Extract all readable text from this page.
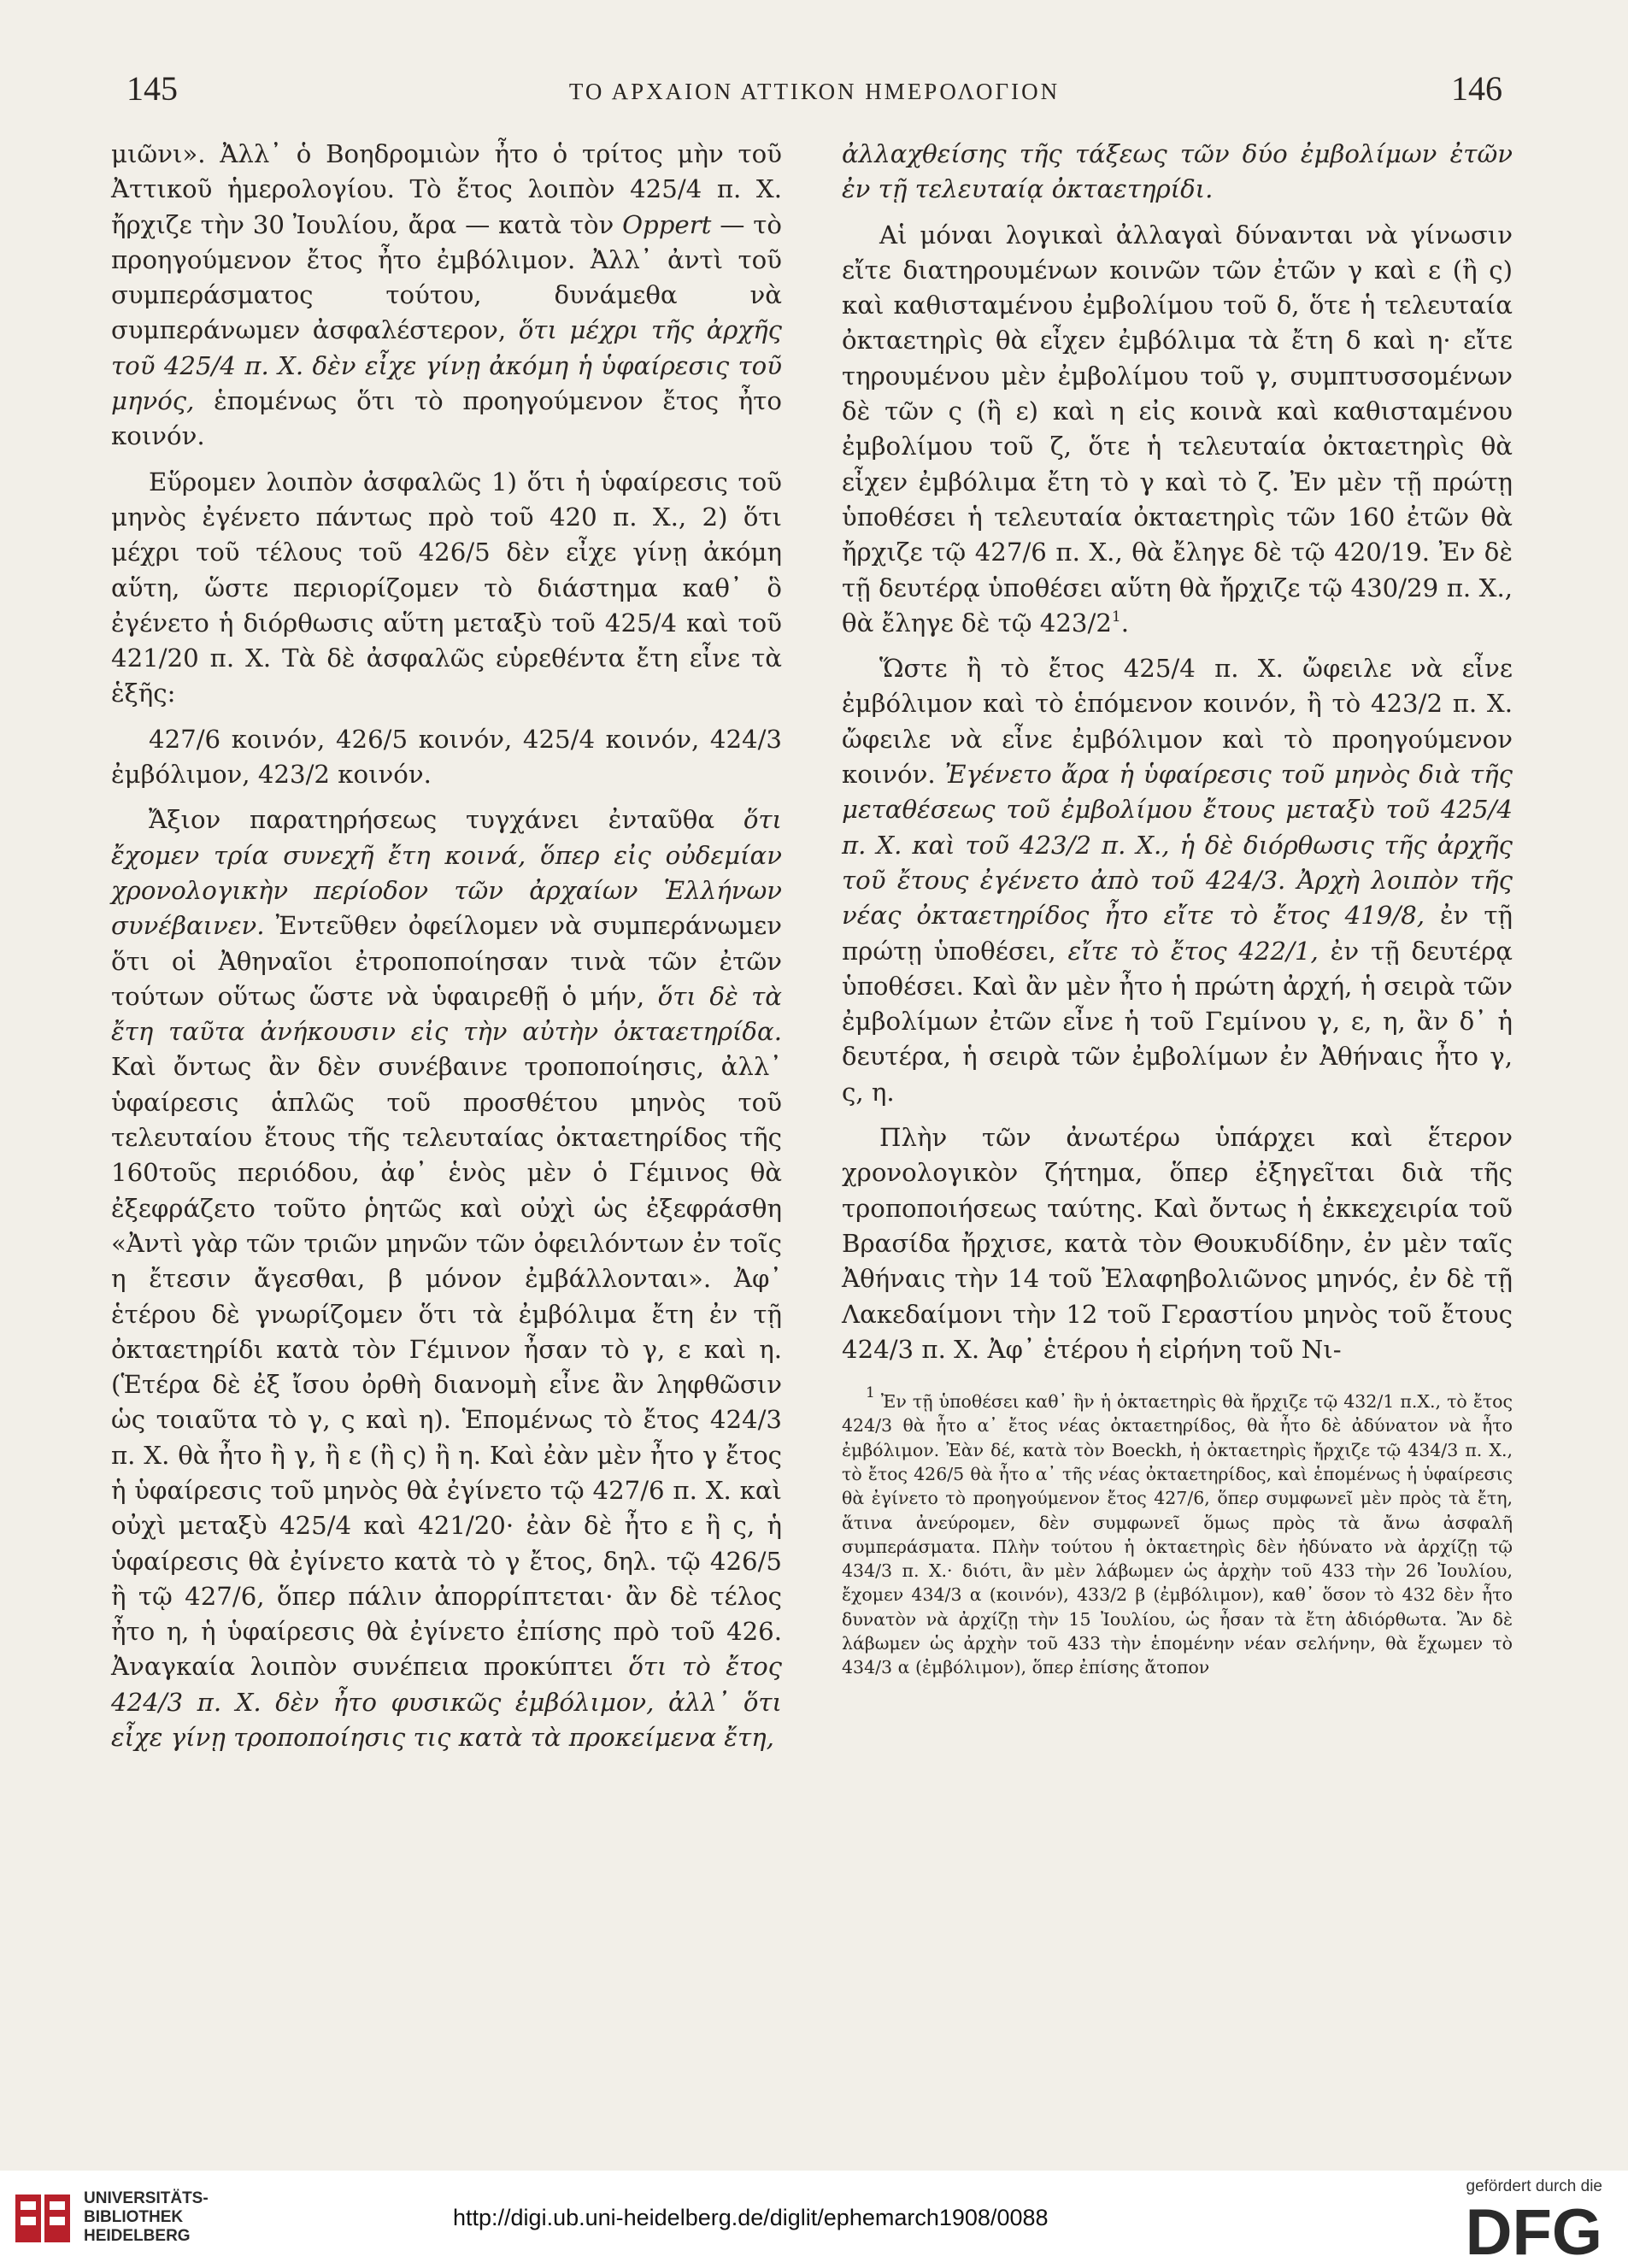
145	ΤΟ ΑΡΧΑΙΟΝ ΑΤΤΙΚΟΝ ΗΜΕΡΟΛΟΓΙΟΝ	146

μιῶνι». Ἀλλ᾽ ὁ Βοηδρομιὼν ἦτο ὁ τρίτος μὴν τοῦ Ἀττικοῦ ἡμερολογίου. Τὸ ἔτος λοιπὸν 425/4 π. Χ. ἤρχιζε τὴν 30 Ἰουλίου, ἄρα — κατὰ τὸν Oppert — τὸ προηγούμενον ἔτος ἦτο ἐμβόλιμον. Ἀλλ᾽ ἀντὶ τοῦ συμπεράσματος τούτου, δυνάμεθα νὰ συμπεράνωμεν ἀσφαλέστερον, ὅτι μέχρι τῆς ἀρχῆς τοῦ 425/4 π. Χ. δὲν εἶχε γίνῃ ἀκόμη ἡ ὑφαίρεσις τοῦ μηνός, ἑπομένως ὅτι τὸ προηγούμενον ἔτος ἦτο κοινόν.

Εὕρομεν λοιπὸν ἀσφαλῶς 1) ὅτι ἡ ὑφαίρεσις τοῦ μηνὸς ἐγένετο πάντως πρὸ τοῦ 420 π. Χ., 2) ὅτι μέχρι τοῦ τέλους τοῦ 426/5 δὲν εἶχε γίνῃ ἀκόμη αὕτη, ὥστε περιορίζομεν τὸ διάστημα καθ᾽ ὃ ἐγένετο ἡ διόρθωσις αὕτη μεταξὺ τοῦ 425/4 καὶ τοῦ 421/20 π. Χ. Τὰ δὲ ἀσφαλῶς εὑρεθέντα ἔτη εἶνε τὰ ἑξῆς:

427/6 κοινόν, 426/5 κοινόν, 425/4 κοινόν, 424/3 ἐμβόλιμον, 423/2 κοινόν.

Ἄξιον παρατηρήσεως τυγχάνει ἐνταῦθα ὅτι ἔχομεν τρία συνεχῆ ἔτη κοινά, ὅπερ εἰς οὐδεμίαν χρονολογικὴν περίοδον τῶν ἀρχαίων Ἑλλήνων συνέβαινεν. Ἐντεῦθεν ὀφείλομεν νὰ συμπεράνωμεν ὅτι οἱ Ἀθηναῖοι ἐτροποποίησαν τινὰ τῶν ἐτῶν τούτων οὕτως ὥστε νὰ ὑφαιρεθῇ ὁ μήν, ὅτι δὲ τὰ ἔτη ταῦτα ἀνήκουσιν εἰς τὴν αὐτὴν ὀκταετηρίδα. Καὶ ὄντως ἂν δὲν συνέβαινε τροποποίησις, ἀλλ᾽ ὑφαίρεσις ἁπλῶς τοῦ προσθέτου μηνὸς τοῦ τελευταίου ἔτους τῆς τελευταίας ὀκταετηρίδος τῆς 160τοῦς περιόδου, ἀφ᾽ ἑνὸς μὲν ὁ Γέμινος θὰ ἐξεφράζετο τοῦτο ῥητῶς καὶ οὐχὶ ὡς ἐξεφράσθη «Ἀντὶ γὰρ τῶν τριῶν μηνῶν τῶν ὀφειλόντων ἐν τοῖς η ἔτεσιν ἄγεσθαι, β μόνον ἐμβάλλονται». Ἀφ᾽ ἑτέρου δὲ γνωρίζομεν ὅτι τὰ ἐμβόλιμα ἔτη ἐν τῇ ὀκταετηρίδι κατὰ τὸν Γέμινον ἦσαν τὸ γ, ε καὶ η. (Ἑτέρα δὲ ἐξ ἴσου ὀρθὴ διανομὴ εἶνε ἂν ληφθῶσιν ὡς τοιαῦτα τὸ γ, ς καὶ η). Ἑπομένως τὸ ἔτος 424/3 π. Χ. θὰ ἦτο ἢ γ, ἢ ε (ἢ ς) ἢ η. Καὶ ἐὰν μὲν ἦτο γ ἔτος ἡ ὑφαίρεσις τοῦ μηνὸς θὰ ἐγίνετο τῷ 427/6 π. Χ. καὶ οὐχὶ μεταξὺ 425/4 καὶ 421/20· ἐὰν δὲ ἦτο ε ἢ ς, ἡ ὑφαίρεσις θὰ ἐγίνετο κατὰ τὸ γ ἔτος, δηλ. τῷ 426/5 ἢ τῷ 427/6, ὅπερ πάλιν ἀπορρίπτεται· ἂν δὲ τέλος ἦτο η, ἡ ὑφαίρεσις θὰ ἐγίνετο ἐπίσης πρὸ τοῦ 426. Ἀναγκαία λοιπὸν συνέπεια προκύπτει ὅτι τὸ ἔτος 424/3 π. Χ. δὲν ἦτο φυσικῶς ἐμβόλιμον, ἀλλ᾽ ὅτι εἶχε γίνῃ τροποποίησις τις κατὰ τὰ προκείμενα ἔτη,

ἀλλαχθείσης τῆς τάξεως τῶν δύο ἐμβολίμων ἐτῶν ἐν τῇ τελευταίᾳ ὀκταετηρίδι.

Αἱ μόναι λογικαὶ ἀλλαγαὶ δύνανται νὰ γίνωσιν εἴτε διατηρουμένων κοινῶν τῶν ἐτῶν γ καὶ ε (ἢ ς) καὶ καθισταμένου ἐμβολίμου τοῦ δ, ὅτε ἡ τελευταία ὀκταετηρὶς θὰ εἶχεν ἐμβόλιμα τὰ ἔτη δ καὶ η· εἴτε τηρουμένου μὲν ἐμβολίμου τοῦ γ, συμπτυσσομένων δὲ τῶν ς (ἢ ε) καὶ η εἰς κοινὰ καὶ καθισταμένου ἐμβολίμου τοῦ ζ, ὅτε ἡ τελευταία ὀκταετηρὶς θὰ εἶχεν ἐμβόλιμα ἔτη τὸ γ καὶ τὸ ζ. Ἐν μὲν τῇ πρώτῃ ὑποθέσει ἡ τελευταία ὀκταετηρὶς τῶν 160 ἐτῶν θὰ ἤρχιζε τῷ 427/6 π. Χ., θὰ ἔληγε δὲ τῷ 420/19. Ἐν δὲ τῇ δευτέρᾳ ὑποθέσει αὕτη θὰ ἤρχιζε τῷ 430/29 π. Χ., θὰ ἔληγε δὲ τῷ $423/2^1$.

Ὥστε ἢ τὸ ἔτος 425/4 π. Χ. ὤφειλε νὰ εἶνε ἐμβόλιμον καὶ τὸ ἑπόμενον κοινόν, ἢ τὸ 423/2 π. Χ. ὤφειλε νὰ εἶνε ἐμβόλιμον καὶ τὸ προηγούμενον κοινόν. Ἐγένετο ἄρα ἡ ὑφαίρεσις τοῦ μηνὸς διὰ τῆς μεταθέσεως τοῦ ἐμβολίμου ἔτους μεταξὺ τοῦ 425/4 π. Χ. καὶ τοῦ 423/2 π. Χ., ἡ δὲ διόρθωσις τῆς ἀρχῆς τοῦ ἔτους ἐγένετο ἀπὸ τοῦ 424/3. Ἀρχὴ λοιπὸν τῆς νέας ὀκταετηρίδος ἦτο εἴτε τὸ ἔτος 419/8, ἐν τῇ πρώτῃ ὑποθέσει, εἴτε τὸ ἔτος 422/1, ἐν τῇ δευτέρᾳ ὑποθέσει. Καὶ ἂν μὲν ἦτο ἡ πρώτη ἀρχή, ἡ σειρὰ τῶν ἐμβολίμων ἐτῶν εἶνε ἡ τοῦ Γεμίνου γ, ε, η, ἂν δ᾽ ἡ δευτέρα, ἡ σειρὰ τῶν ἐμβολίμων ἐν Ἀθήναις ἦτο γ, ς, η.

Πλὴν τῶν ἀνωτέρω ὑπάρχει καὶ ἕτερον χρονολογικὸν ζήτημα, ὅπερ ἐξηγεῖται διὰ τῆς τροποποιήσεως ταύτης. Καὶ ὄντως ἡ ἐκκεχειρία τοῦ Βρασίδα ἤρχισε, κατὰ τὸν Θουκυδίδην, ἐν μὲν ταῖς Ἀθήναις τὴν 14 τοῦ Ἐλαφηβολιῶνος μηνός, ἐν δὲ τῇ Λακεδαίμονι τὴν 12 τοῦ Γεραστίου μηνὸς τοῦ ἔτους 424/3 π. Χ. Ἀφ᾽ ἑτέρου ἡ εἰρήνη τοῦ Νι-

$^1$ Ἐν τῇ ὑποθέσει καθ᾽ ἣν ἡ ὀκταετηρὶς θὰ ἤρχιζε τῷ 432/1 π.Χ., τὸ ἔτος 424/3 θὰ ἦτο α᾽ ἔτος νέας ὀκταετηρίδος, θὰ ἦτο δὲ ἀδύνατον νὰ ἦτο ἐμβόλιμον. Ἐὰν δέ, κατὰ τὸν Boeckh, ἡ ὀκταετηρὶς ἤρχιζε τῷ 434/3 π. Χ., τὸ ἔτος 426/5 θὰ ἦτο α᾽ τῆς νέας ὀκταετηρίδος, καὶ ἑπομένως ἡ ὑφαίρεσις θὰ ἐγίνετο τὸ προηγούμενον ἔτος 427/6, ὅπερ συμφωνεῖ μὲν πρὸς τὰ ἔτη, ἅτινα ἀνεύρομεν, δὲν συμφωνεῖ ὅμως πρὸς τὰ ἄνω ἀσφαλῆ συμπεράσματα. Πλὴν τούτου ἡ ὀκταετηρὶς δὲν ἠδύνατο νὰ ἀρχίζῃ τῷ 434/3 π. Χ.· διότι, ἂν μὲν λάβωμεν ὡς ἀρχὴν τοῦ 433 τὴν 26 Ἰουλίου, ἔχομεν 434/3 α (κοινόν), 433/2 β (ἐμβόλιμον), καθ᾽ ὅσον τὸ 432 δὲν ἦτο δυνατὸν νὰ ἀρχίζῃ τὴν 15 Ἰουλίου, ὡς ἦσαν τὰ ἔτη ἀδιόρθωτα. Ἂν δὲ λάβωμεν ὡς ἀρχὴν τοῦ 433 τὴν ἑπομένην νέαν σελήνην, θὰ ἔχωμεν τὸ 434/3 α (ἐμβόλιμον), ὅπερ ἐπίσης ἄτοπον

UNIVERSITÄTS-
BIBLIOTHEK
HEIDELBERG
http://digi.ub.uni-heidelberg.de/diglit/ephemarch1908/0088
gefördert durch die
DFG
